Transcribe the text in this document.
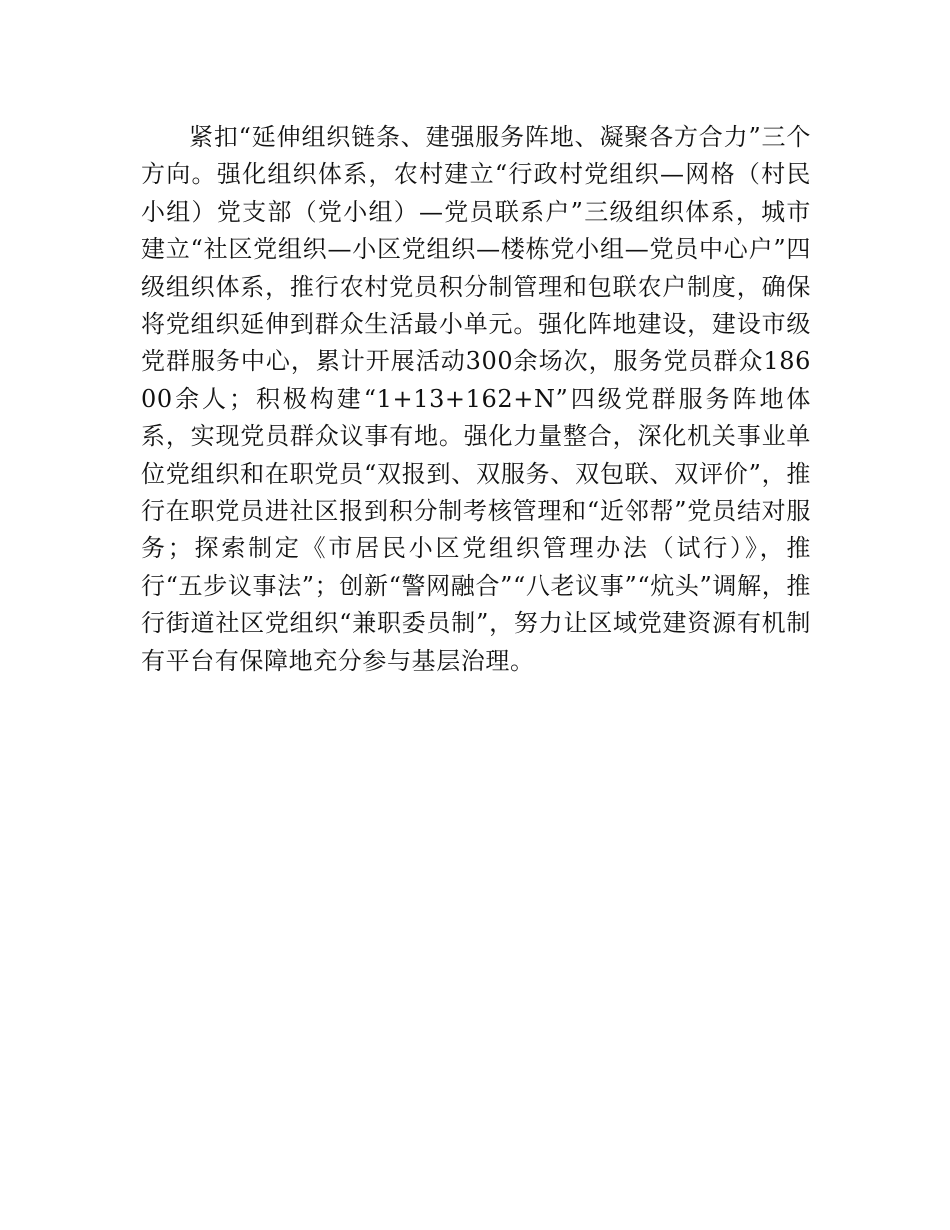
紧扣“延伸组织链条、建强服务阵地、凝聚各方合力”三个方向。强化组织体系，农村建立“行政村党组织—网格（村民小组）党支部（党小组）—党员联系户”三级组织体系，城市建立“社区党组织—小区党组织—楼栋党小组—党员中心户”四级组织体系，推行农村党员积分制管理和包联农户制度，确保将党组织延伸到群众生活最小单元。强化阵地建设，建设市级党群服务中心，累计开展活动300余场次，服务党员群众18600余人；积极构建“1+13+162+N”四级党群服务阵地体系，实现党员群众议事有地。强化力量整合，深化机关事业单位党组织和在职党员“双报到、双服务、双包联、双评价”，推行在职党员进社区报到积分制考核管理和“近邻帮”党员结对服务；探索制定《市居民小区党组织管理办法（试行）》，推行“五步议事法”；创新“警网融合”“八老议事”“炕头”调解，推行街道社区党组织“兼职委员制”，努力让区域党建资源有机制有平台有保障地充分参与基层治理。
